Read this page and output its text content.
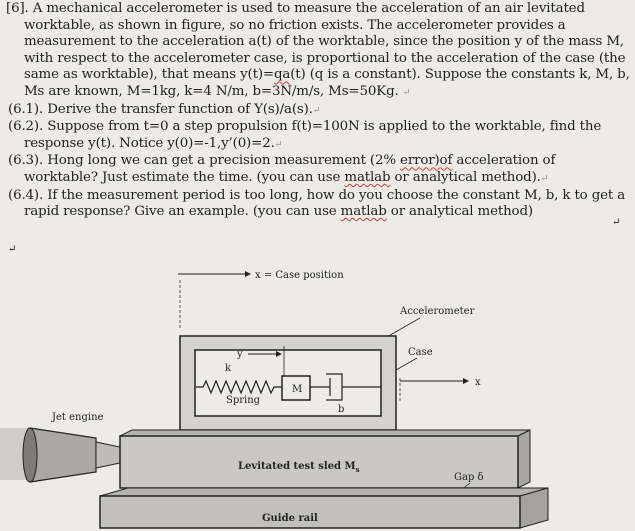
[6]. A mechanical accelerometer is used to measure the acceleration of an air levitated worktable, as shown in figure, so no friction exists. The accelerometer provides a measurement to the acceleration a(t) of the worktable, since the position y of the mass M, with respect to the accelerometer case, is proportional to the acceleration of the case (the same as worktable), that means y(t)=qa(t) (q is a constant). Suppose the constants k, M, b, Ms are known, M=1kg, k=4 N/m, b=3N/m/s, Ms=50Kg. ↵

(6.1). Derive the transfer function of Y(s)/a(s).↵

(6.2). Suppose from t=0 a step propulsion f(t)=100N is applied to the worktable, find the response y(t). Notice y(0)=-1,y’(0)=2.↵

(6.3). Hong long we can get a precision measurement (2% error)of acceleration of worktable? Just estimate the time. (you can use matlab or analytical method).↵

(6.4). If the measurement period is too long, how do you choose the constant M, b, k to get a rapid response? Give an example. (you can use matlab or analytical method)

↵
↵
x = Case position
Accelerometer
Case
y
k
Spring
M
b
x
Jet engine
Levitated test sled $M_s$
Gap δ
Guide rail
